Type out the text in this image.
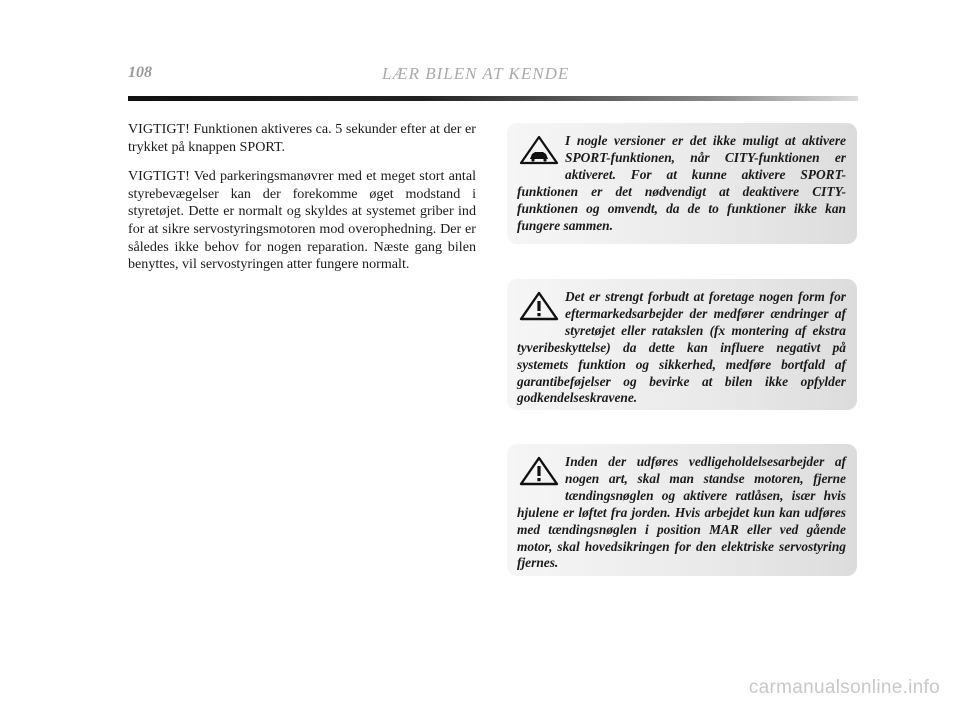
108	LÆR BILEN AT KENDE

VIGTIGT! Funktionen aktiveres ca. 5 sekunder efter at der er trykket på knappen SPORT.

VIGTIGT! Ved parkeringsmanøvrer med et meget stort antal styrebevægelser kan der forekomme øget modstand i styretøjet. Dette er normalt og skyldes at systemet griber ind for at sikre servostyringsmotoren mod overophedning. Der er således ikke behov for nogen reparation. Næste gang bilen benyttes, vil servostyringen atter fungere normalt.

I nogle versioner er det ikke muligt at aktivere SPORT-funktionen, når CITY-funktionen er aktiveret. For at kunne aktivere SPORT-funktionen er det nødvendigt at deaktivere CITY-funktionen og omvendt, da de to funktioner ikke kan fungere sammen.
Det er strengt forbudt at foretage nogen form for eftermarkedsarbejder der medfører ændringer af styretøjet eller ratakslen (fx montering af ekstra tyveribeskyttelse) da dette kan influere negativt på systemets funktion og sikkerhed, medføre bortfald af garantibeføjelser og bevirke at bilen ikke opfylder godkendelseskravene.
Inden der udføres vedligeholdelsesarbejder af nogen art, skal man standse motoren, fjerne tændingsnøglen og aktivere ratlåsen, især hvis hjulene er løftet fra jorden. Hvis arbejdet kun kan udføres med tændingsnøglen i position MAR eller ved gående motor, skal hovedsikringen for den elektriske servostyring fjernes.
carmanualsonline.info
